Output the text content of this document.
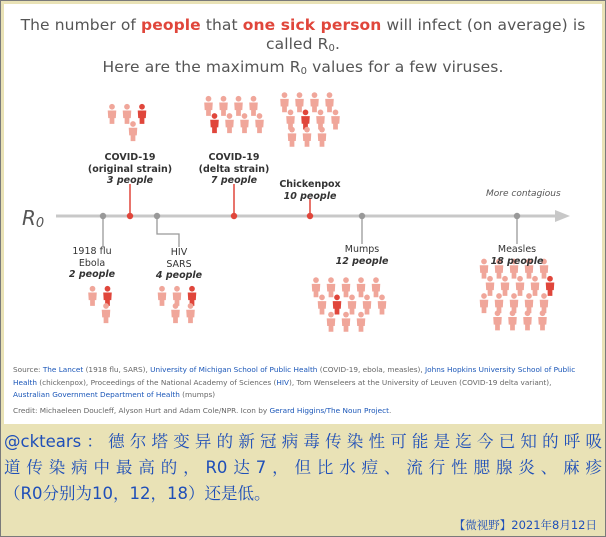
The number of people that one sick person will infect (on average) is called $R_0$.
Here are the maximum $R_0$ values for a few viruses.
$R_0$
More contagious
1918 flu
Ebola
2 people
COVID-19
(original strain)
3 people
HIV
SARS
4 people
COVID-19
(delta strain)
7 people	Chickenpox
10 people
Mumps
12 people
Measles
18 people
Source: The Lancet (1918 flu, SARS), University of Michigan School of Public Health (COVID-19, ebola, measles), Johns Hopkins University School of Public Health (chickenpox), Proceedings of the National Academy of Sciences (HIV), Tom Wenseleers at the University of Leuven (COVID-19 delta variant),
Australian Government Department of Health (mumps)
Credit: Michaeleen Doucleff, Alyson Hurt and Adam Cole/NPR. Icon by Gerard Higgins/The Noun Project.
@cktears：德尔塔变异的新冠病毒传染性可能是迄今已知的呼吸
道传染病中最高的，R0达7，但比水痘、流行性腮腺炎、麻疹
（R0分别为10，12，18）还是低。
【微视野】2021年8月12日
